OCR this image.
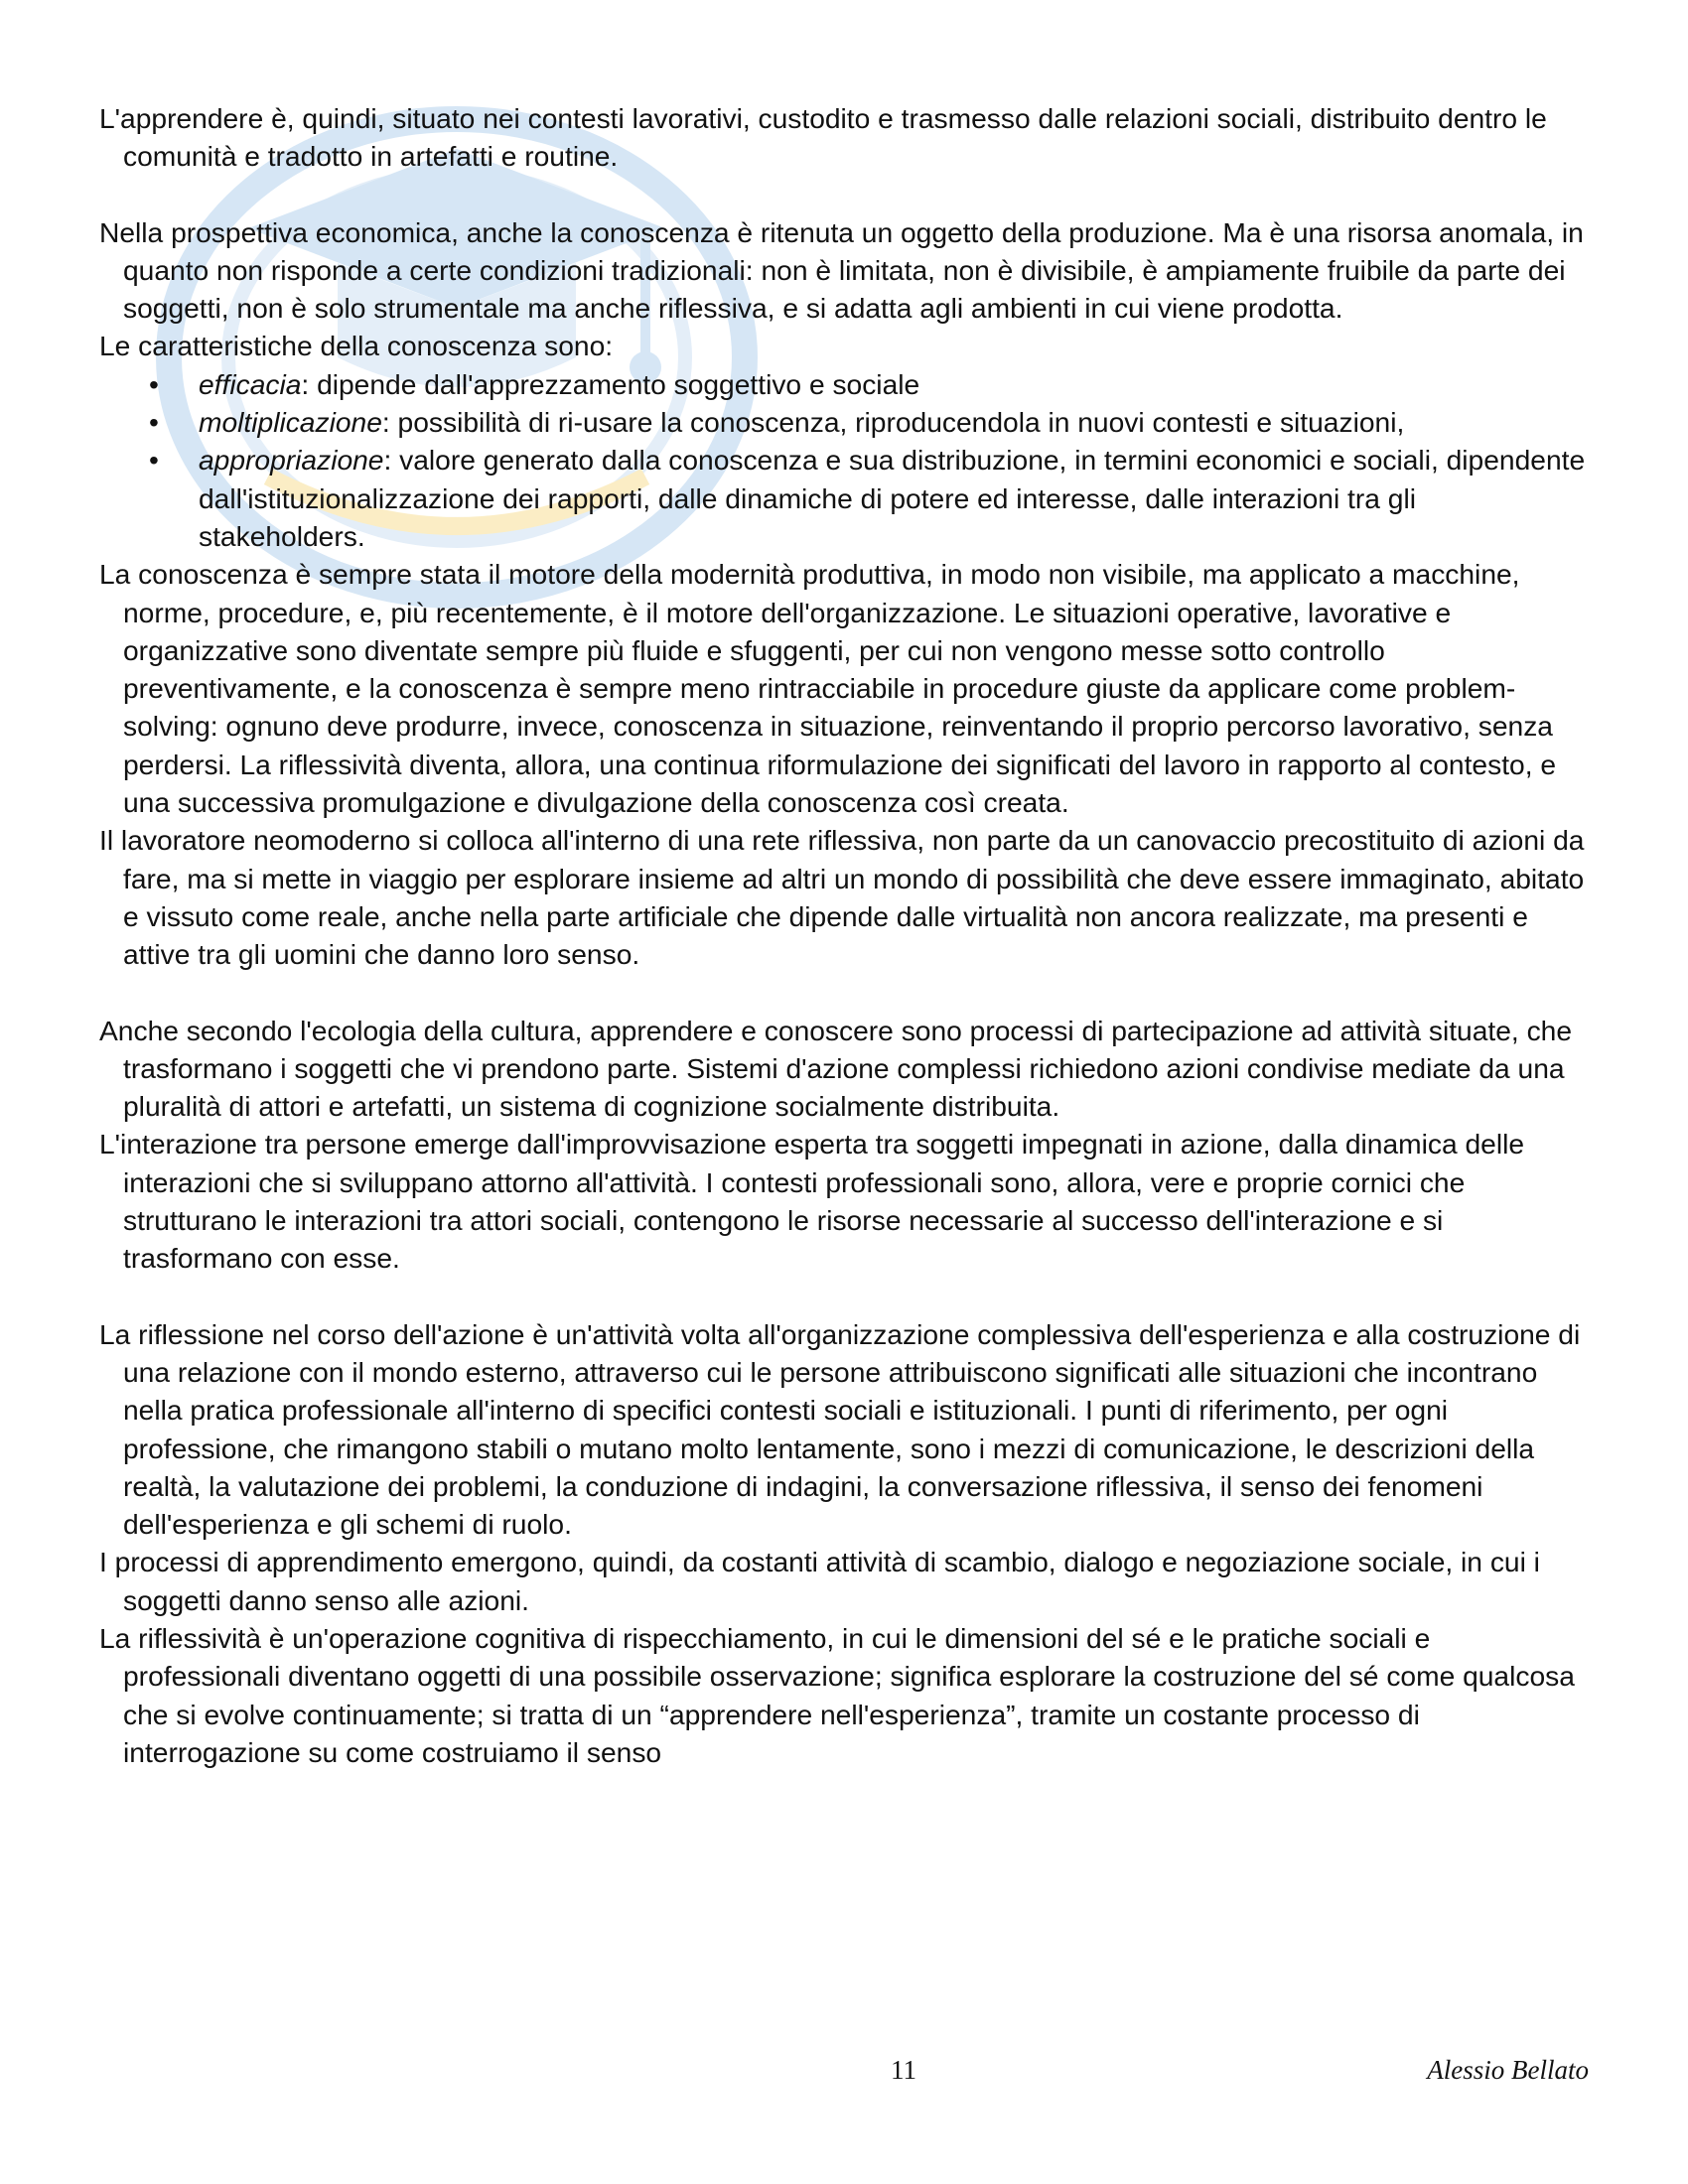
L'apprendere è, quindi, situato nei contesti lavorativi, custodito e trasmesso dalle relazioni sociali, distribuito dentro le comunità e tradotto in artefatti e routine.

Nella prospettiva economica, anche la conoscenza è ritenuta un oggetto della produzione. Ma è una risorsa anomala, in quanto non risponde a certe condizioni tradizionali: non è limitata, non è divisibile, è ampiamente fruibile da parte dei soggetti, non è solo strumentale ma anche riflessiva, e si adatta agli ambienti in cui viene prodotta.

Le caratteristiche della conoscenza sono:

• efficacia: dipende dall'apprezzamento soggettivo e sociale
• moltiplicazione: possibilità di ri-usare la conoscenza, riproducendola in nuovi contesti e situazioni,
• appropriazione: valore generato dalla conoscenza e sua distribuzione, in termini economici e sociali, dipendente dall'istituzionalizzazione dei rapporti, dalle dinamiche di potere ed interesse, dalle interazioni tra gli stakeholders.

La conoscenza è sempre stata il motore della modernità produttiva, in modo non visibile, ma applicato a macchine, norme, procedure, e, più recentemente, è il motore dell'organizzazione. Le situazioni operative, lavorative e organizzative sono diventate sempre più fluide e sfuggenti, per cui non vengono messe sotto controllo preventivamente, e la conoscenza è sempre meno rintracciabile in procedure giuste da applicare come problem-solving: ognuno deve produrre, invece, conoscenza in situazione, reinventando il proprio percorso lavorativo, senza perdersi. La riflessività diventa, allora, una continua riformulazione dei significati del lavoro in rapporto al contesto, e una successiva promulgazione e divulgazione della conoscenza così creata.

Il lavoratore neomoderno si colloca all'interno di una rete riflessiva, non parte da un canovaccio precostituito di azioni da fare, ma si mette in viaggio per esplorare insieme ad altri un mondo di possibilità che deve essere immaginato, abitato e vissuto come reale, anche nella parte artificiale che dipende dalle virtualità non ancora realizzate, ma presenti e attive tra gli uomini che danno loro senso.

Anche secondo l'ecologia della cultura, apprendere e conoscere sono processi di partecipazione ad attività situate, che trasformano i soggetti che vi prendono parte. Sistemi d'azione complessi richiedono azioni condivise mediate da una pluralità di attori e artefatti, un sistema di cognizione socialmente distribuita.

L'interazione tra persone emerge dall'improvvisazione esperta tra soggetti impegnati in azione, dalla dinamica delle interazioni che si sviluppano attorno all'attività. I contesti professionali sono, allora, vere e proprie cornici che strutturano le interazioni tra attori sociali, contengono le risorse necessarie al successo dell'interazione e si trasformano con esse.

La riflessione nel corso dell'azione è un'attività volta all'organizzazione complessiva dell'esperienza e alla costruzione di una relazione con il mondo esterno, attraverso cui le persone attribuiscono significati alle situazioni che incontrano nella pratica professionale all'interno di specifici contesti sociali e istituzionali. I punti di riferimento, per ogni professione, che rimangono stabili o mutano molto lentamente, sono i mezzi di comunicazione, le descrizioni della realtà, la valutazione dei problemi, la conduzione di indagini, la conversazione riflessiva, il senso dei fenomeni dell'esperienza e gli schemi di ruolo.

I processi di apprendimento emergono, quindi, da costanti attività di scambio, dialogo e negoziazione sociale, in cui i soggetti danno senso alle azioni.

La riflessività è un'operazione cognitiva di rispecchiamento, in cui le dimensioni del sé e le pratiche sociali e professionali diventano oggetti di una possibile osservazione; significa esplorare la costruzione del sé come qualcosa che si evolve continuamente; si tratta di un “apprendere nell'esperienza”, tramite un costante processo di interrogazione su come costruiamo il senso

11	Alessio Bellato
